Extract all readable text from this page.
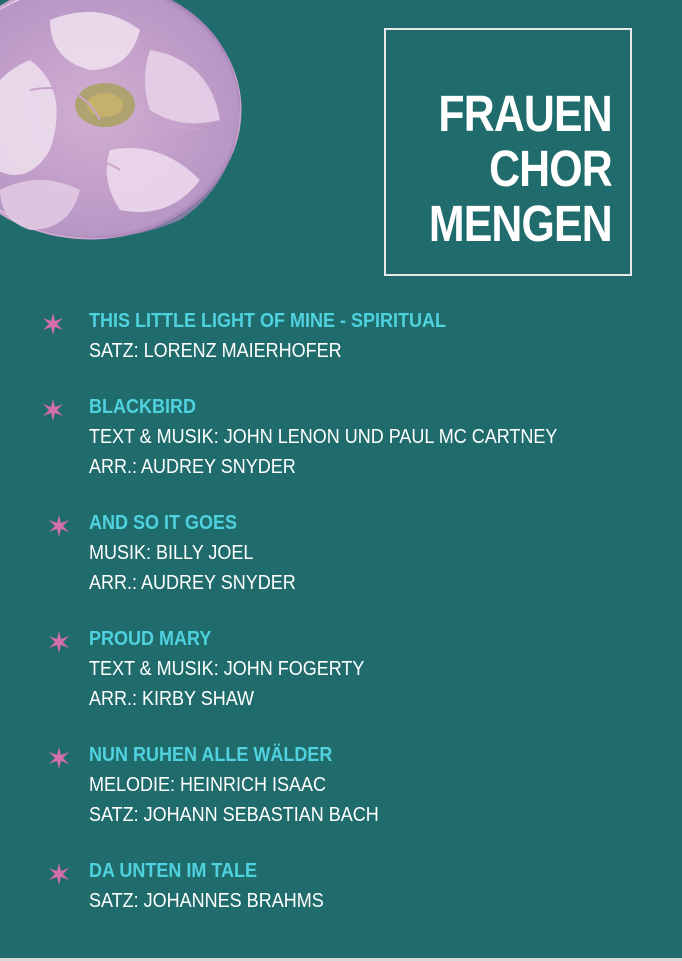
FRAUEN
CHOR
MENGEN
THIS LITTLE LIGHT OF MINE - SPIRITUAL
SATZ: LORENZ MAIERHOFER
BLACKBIRD
TEXT & MUSIK: JOHN LENON UND PAUL MC CARTNEY
ARR.: AUDREY SNYDER
AND SO IT GOES
MUSIK: BILLY JOEL
ARR.: AUDREY SNYDER
PROUD MARY
TEXT & MUSIK: JOHN FOGERTY
ARR.: KIRBY SHAW
NUN RUHEN ALLE WÄLDER
MELODIE: HEINRICH ISAAC
SATZ: JOHANN SEBASTIAN BACH
DA UNTEN IM TALE
SATZ: JOHANNES BRAHMS
